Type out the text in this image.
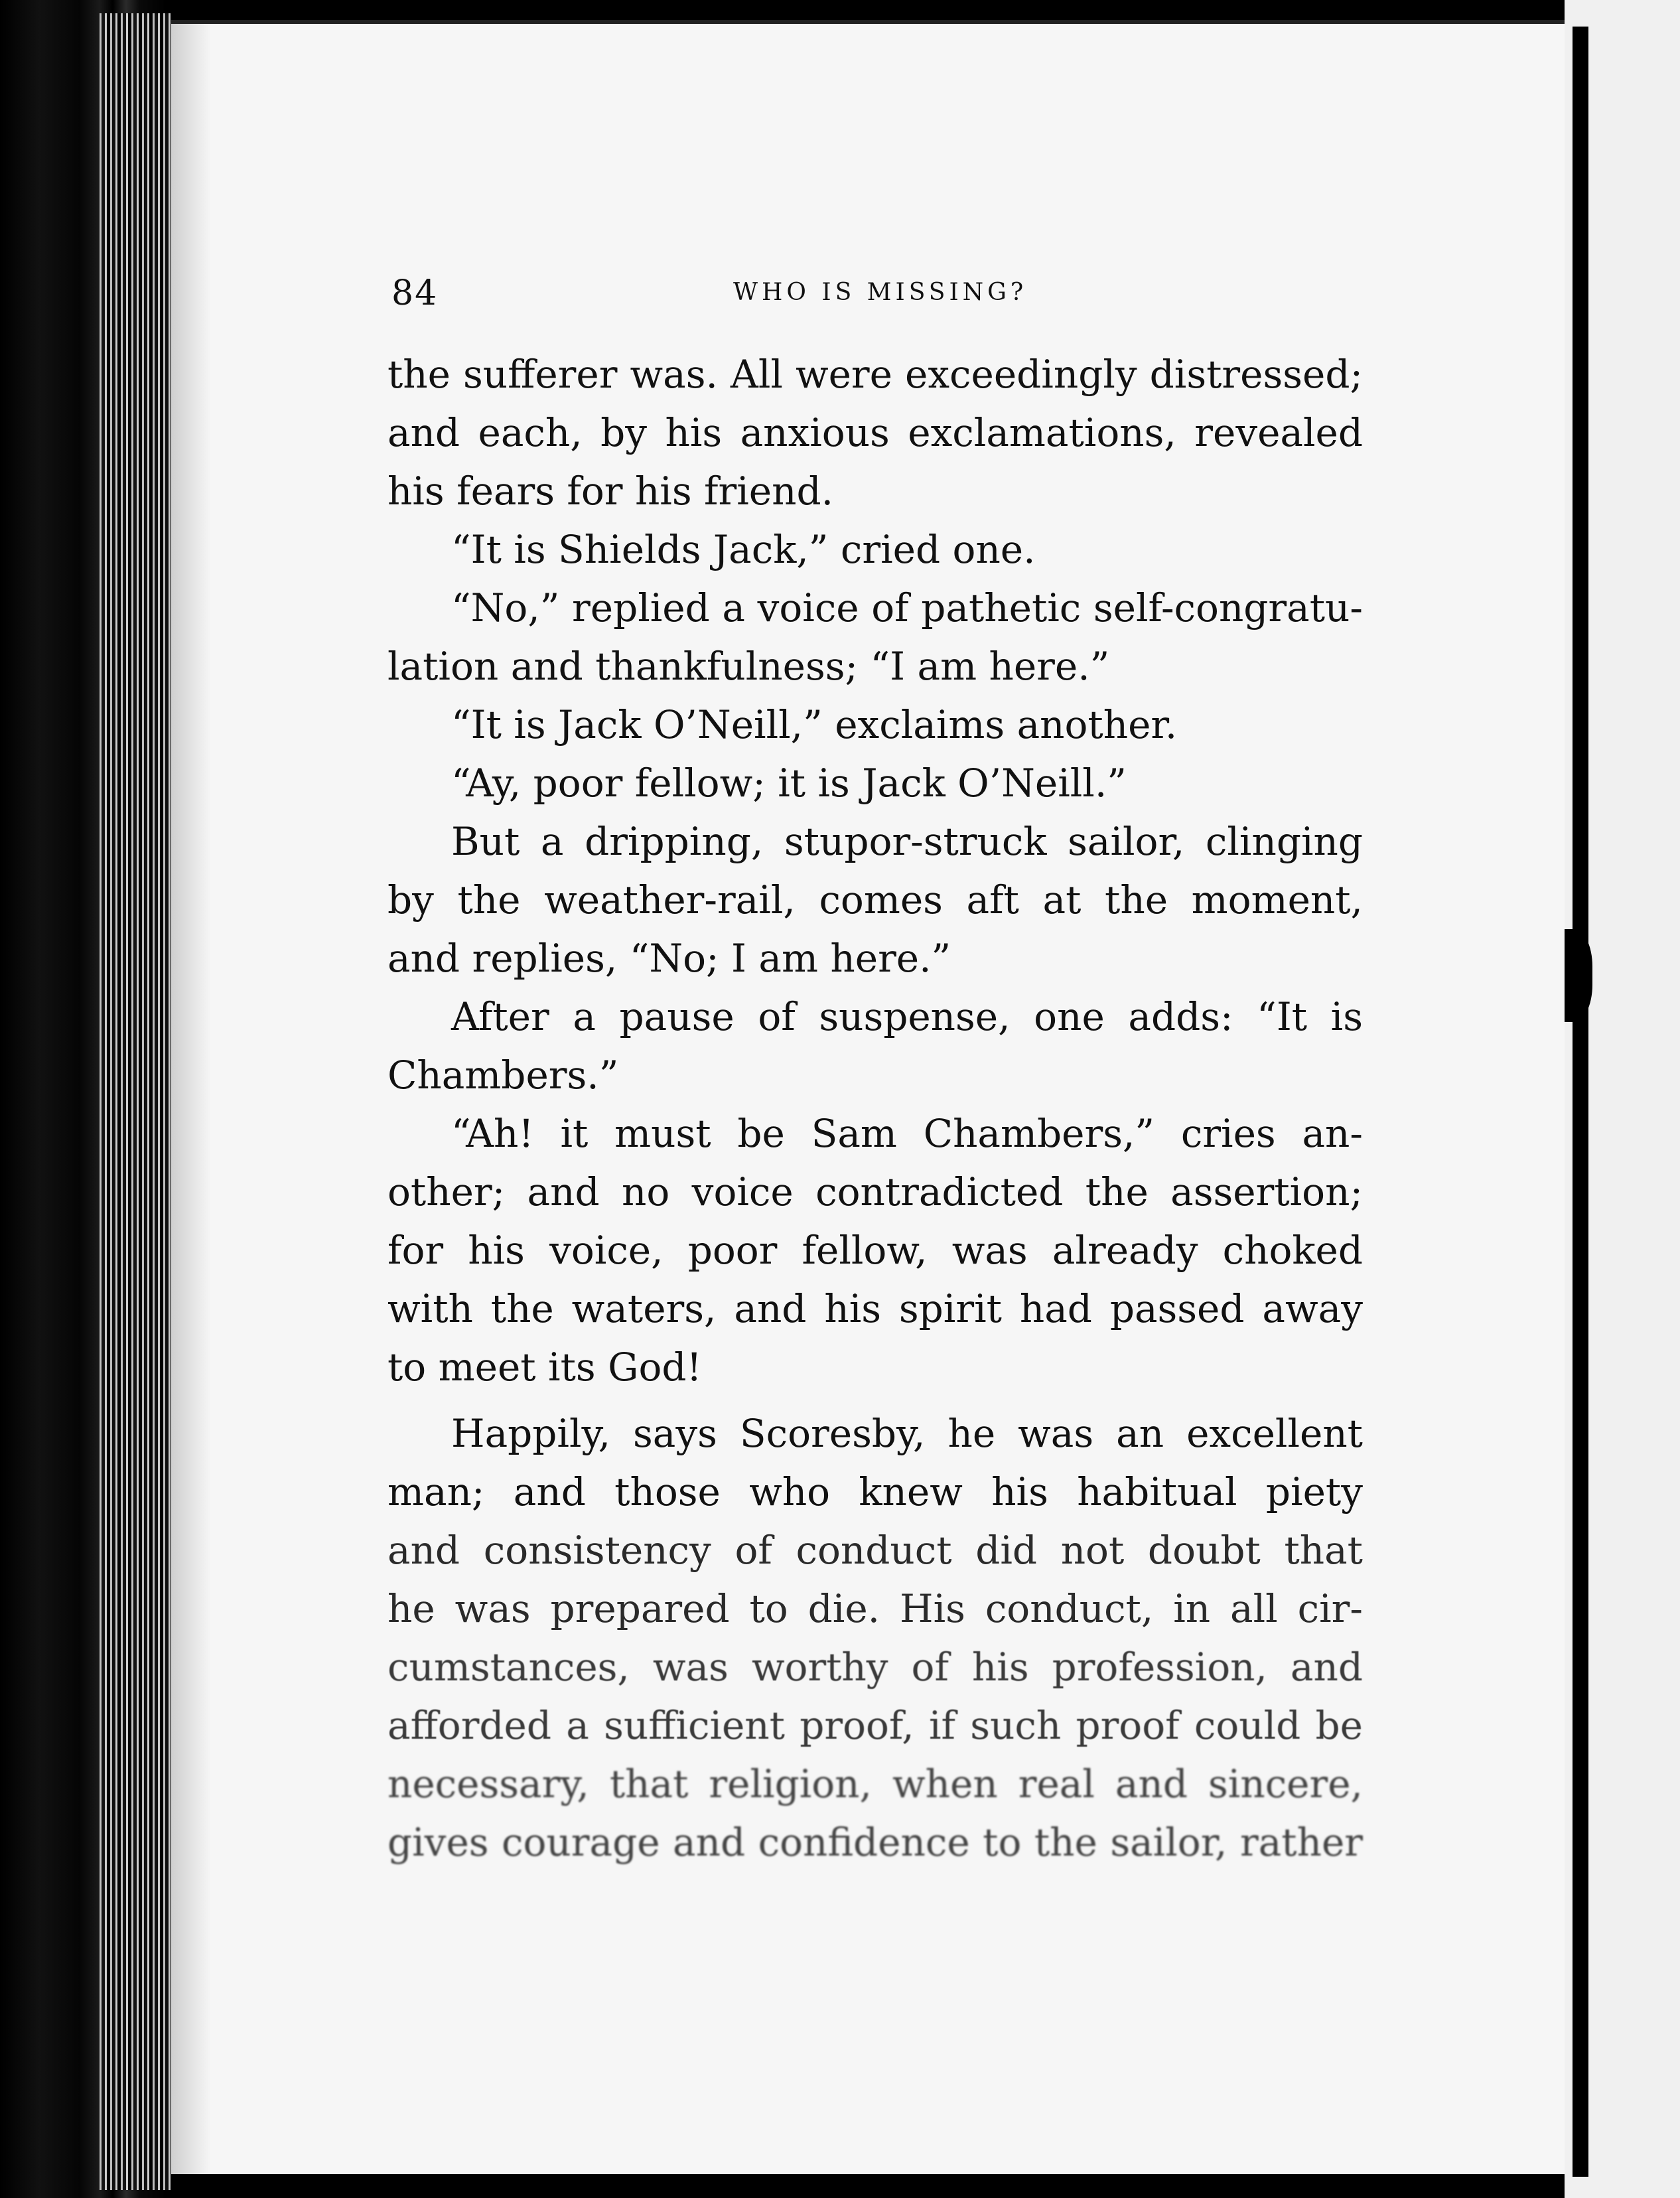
84	WHO IS MISSING?
the sufferer was. All were exceedingly distressed;
and each, by his anxious exclamations, revealed
his fears for his friend.
“It is Shields Jack,” cried one.
“No,” replied a voice of pathetic self-congratu-
lation and thankfulness; “I am here.”
“It is Jack O’Neill,” exclaims another.
“Ay, poor fellow; it is Jack O’Neill.”
But a dripping, stupor-struck sailor, clinging
by the weather-rail, comes aft at the moment,
and replies, “No; I am here.”
After a pause of suspense, one adds: “It is
Chambers.”
“Ah! it must be Sam Chambers,” cries an-
other; and no voice contradicted the assertion;
for his voice, poor fellow, was already choked
with the waters, and his spirit had passed away
to meet its God!
Happily, says Scoresby, he was an excellent
man; and those who knew his habitual piety
and consistency of conduct did not doubt that
he was prepared to die. His conduct, in all cir-
cumstances, was worthy of his profession, and
afforded a sufficient proof, if such proof could be
necessary, that religion, when real and sincere,
gives courage and confidence to the sailor, rather
